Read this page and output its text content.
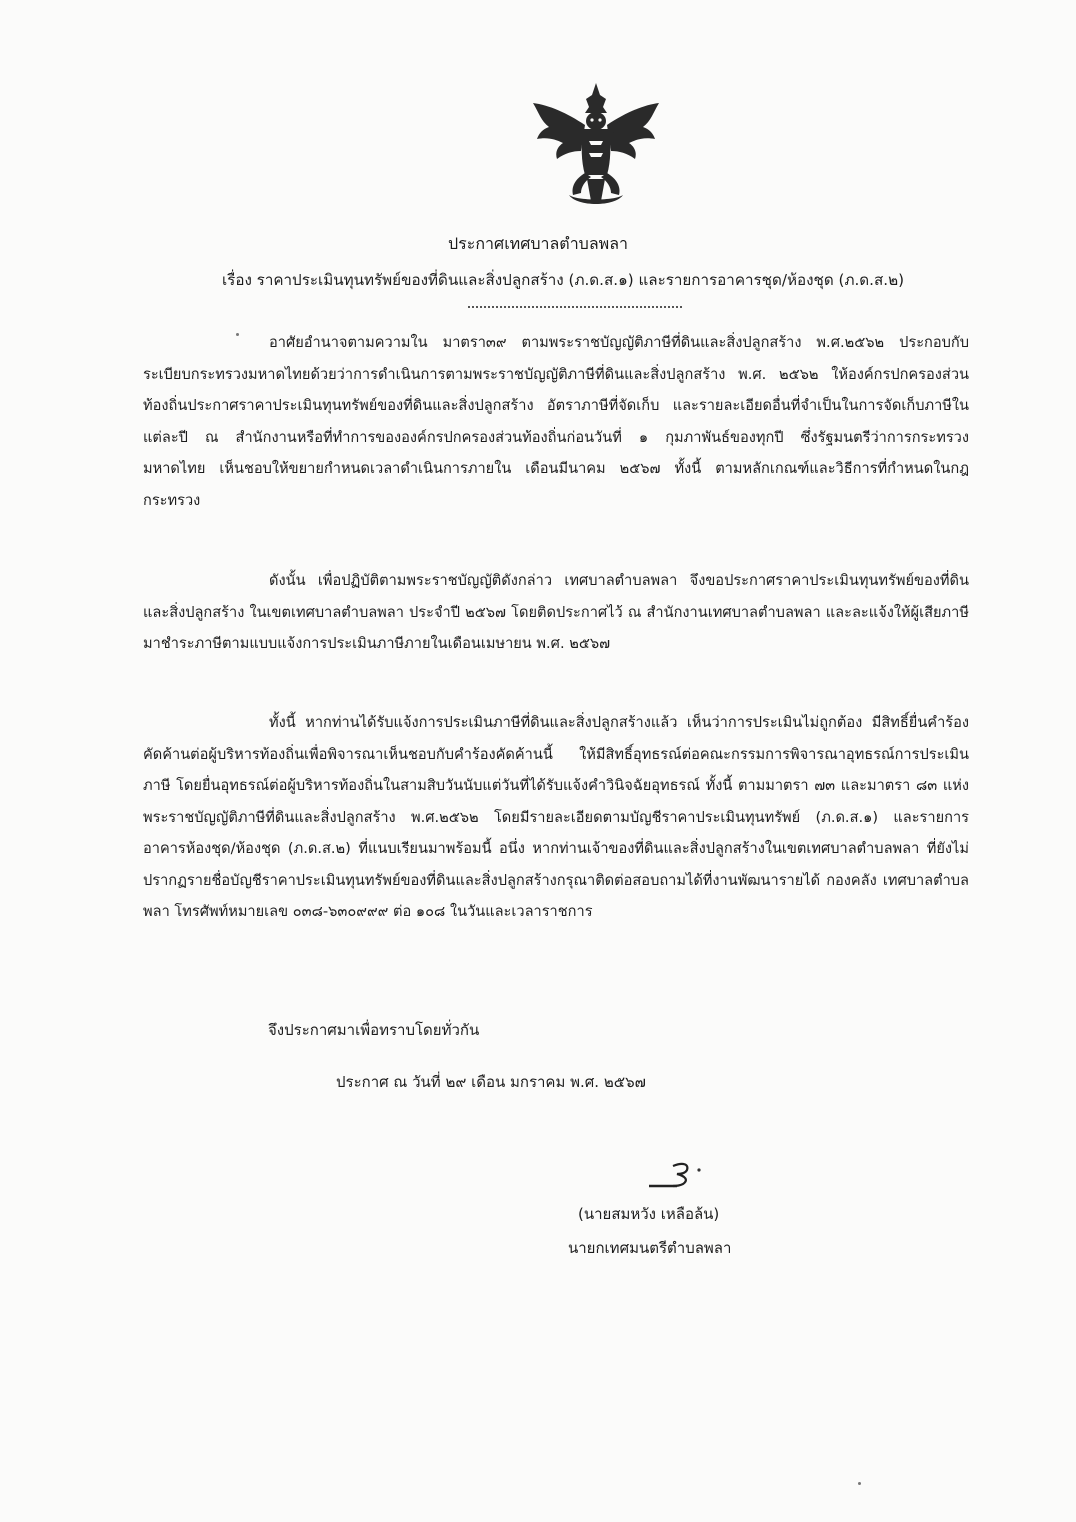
ประกาศเทศบาลตำบลพลา
เรื่อง ราคาประเมินทุนทรัพย์ของที่ดินและสิ่งปลูกสร้าง (ภ.ด.ส.๑) และรายการอาคารชุด/ห้องชุด (ภ.ด.ส.๒)
อาศัยอำนาจตามความใน มาตรา๓๙ ตามพระราชบัญญัติภาษีที่ดินและสิ่งปลูกสร้าง พ.ศ.๒๕๖๒ ประกอบกับระเบียบกระทรวงมหาดไทยด้วยว่าการดำเนินการตามพระราชบัญญัติภาษีที่ดินและสิ่งปลูกสร้าง พ.ศ. ๒๕๖๒ ให้องค์กรปกครองส่วนท้องถิ่นประกาศราคาประเมินทุนทรัพย์ของที่ดินและสิ่งปลูกสร้าง อัตราภาษีที่จัดเก็บ และรายละเอียดอื่นที่จำเป็นในการจัดเก็บภาษีในแต่ละปี ณ สำนักงานหรือที่ทำการขององค์กรปกครองส่วนท้องถิ่นก่อนวันที่ ๑ กุมภาพันธ์ของทุกปี ซึ่งรัฐมนตรีว่าการกระทรวงมหาดไทย เห็นชอบให้ขยายกำหนดเวลาดำเนินการภายใน เดือนมีนาคม ๒๕๖๗ ทั้งนี้ ตามหลักเกณฑ์และวิธีการที่กำหนดในกฎกระทรวง
ดังนั้น เพื่อปฏิบัติตามพระราชบัญญัติดังกล่าว เทศบาลตำบลพลา จึงขอประกาศราคาประเมินทุนทรัพย์ของที่ดินและสิ่งปลูกสร้าง ในเขตเทศบาลตำบลพลา ประจำปี ๒๕๖๗ โดยติดประกาศไว้ ณ สำนักงานเทศบาลตำบลพลา และละแจ้งให้ผู้เสียภาษีมาชำระภาษีตามแบบแจ้งการประเมินภาษีภายในเดือนเมษายน พ.ศ. ๒๕๖๗
ทั้งนี้ หากท่านได้รับแจ้งการประเมินภาษีที่ดินและสิ่งปลูกสร้างแล้ว เห็นว่าการประเมินไม่ถูกต้อง มีสิทธิ์ยื่นคำร้องคัดค้านต่อผู้บริหารท้องถิ่นเพื่อพิจารณาเห็นชอบกับคำร้องคัดค้านนี้ ให้มีสิทธิ์อุทธรณ์ต่อคณะกรรมการพิจารณาอุทธรณ์การประเมินภาษี โดยยื่นอุทธรณ์ต่อผู้บริหารท้องถิ่นในสามสิบวันนับแต่วันที่ได้รับแจ้งคำวินิจฉัยอุทธรณ์ ทั้งนี้ ตามมาตรา ๗๓ และมาตรา ๘๓ แห่งพระราชบัญญัติภาษีที่ดินและสิ่งปลูกสร้าง พ.ศ.๒๕๖๒ โดยมีรายละเอียดตามบัญชีราคาประเมินทุนทรัพย์ (ภ.ด.ส.๑) และรายการอาคารห้องชุด/ห้องชุด (ภ.ด.ส.๒) ที่แนบเรียนมาพร้อมนี้ อนึ่ง หากท่านเจ้าของที่ดินและสิ่งปลูกสร้างในเขตเทศบาลตำบลพลา ที่ยังไม่ปรากฏรายชื่อบัญชีราคาประเมินทุนทรัพย์ของที่ดินและสิ่งปลูกสร้างกรุณาติดต่อสอบถามได้ที่งานพัฒนารายได้ กองคลัง เทศบาลตำบลพลา โทรศัพท์หมายเลข ๐๓๘-๖๓๐๙๙๙ ต่อ ๑๐๘ ในวันและเวลาราชการ
จึงประกาศมาเพื่อทราบโดยทั่วกัน
ประกาศ ณ วันที่ ๒๙ เดือน มกราคม พ.ศ. ๒๕๖๗
(นายสมหวัง เหลือล้น)
นายกเทศมนตรีตำบลพลา
